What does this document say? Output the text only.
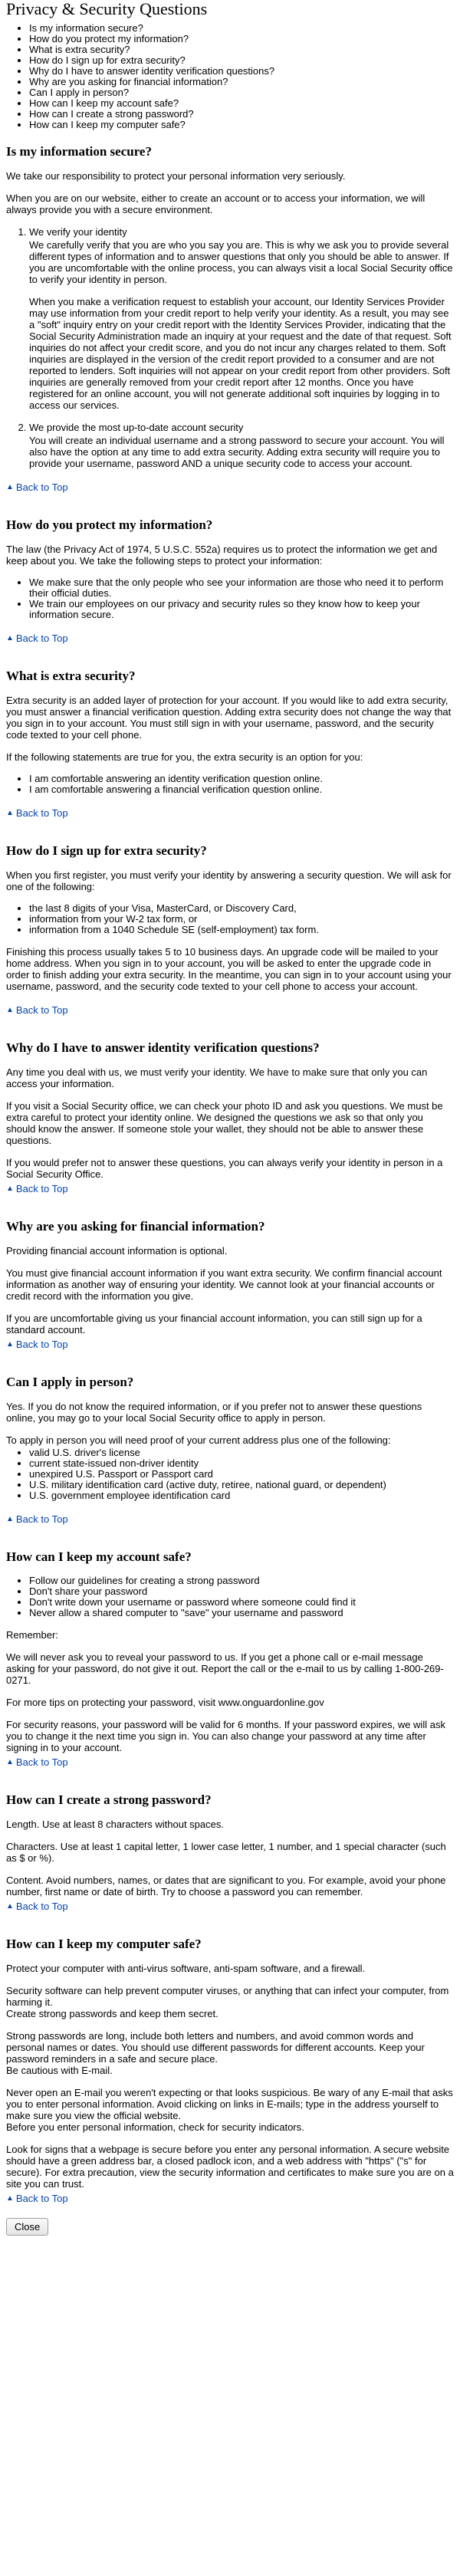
Privacy & Security Questions
• Is my information secure?
• How do you protect my information?
• What is extra security?
• How do I sign up for extra security?
• Why do I have to answer identity verification questions?
• Why are you asking for financial information?
• Can I apply in person?
• How can I keep my account safe?
• How can I create a strong password?
• How can I keep my computer safe?
Is my information secure?

We take our responsibility to protect your personal information very seriously.

When you are on our website, either to create an account or to access your information, we will always provide you with a secure environment.

1. We verify your identity

We carefully verify that you are who you say you are. This is why we ask you to provide several different types of information and to answer questions that only you should be able to answer. If you are uncomfortable with the online process, you can always visit a local Social Security office to verify your identity in person.

When you make a verification request to establish your account, our Identity Services Provider may use information from your credit report to help verify your identity. As a result, you may see a "soft" inquiry entry on your credit report with the Identity Services Provider, indicating that the Social Security Administration made an inquiry at your request and the date of that request. Soft inquiries do not affect your credit score, and you do not incur any charges related to them. Soft inquiries are displayed in the version of the credit report provided to a consumer and are not reported to lenders. Soft inquiries will not appear on your credit report from other providers. Soft inquiries are generally removed from your credit report after 12 months. Once you have registered for an online account, you will not generate additional soft inquiries by logging in to access our services.

2. We provide the most up-to-date account security

You will create an individual username and a strong password to secure your account. You will also have the option at any time to add extra security. Adding extra security will require you to provide your username, password AND a unique security code to access your account.

▲ Back to Top
How do you protect my information?

The law (the Privacy Act of 1974, 5 U.S.C. 552a) requires us to protect the information we get and keep about you. We take the following steps to protect your information:

• We make sure that the only people who see your information are those who need it to perform their official duties.
• We train our employees on our privacy and security rules so they know how to keep your information secure.
▲ Back to Top
What is extra security?

Extra security is an added layer of protection for your account. If you would like to add extra security, you must answer a financial verification question. Adding extra security does not change the way that you sign in to your account. You must still sign in with your username, password, and the security code texted to your cell phone.

If the following statements are true for you, the extra security is an option for you:

• I am comfortable answering an identity verification question online.
• I am comfortable answering a financial verification question online.
▲ Back to Top
How do I sign up for extra security?

When you first register, you must verify your identity by answering a security question. We will ask for one of the following:

• the last 8 digits of your Visa, MasterCard, or Discovery Card,
• information from your W-2 tax form, or
• information from a 1040 Schedule SE (self-employment) tax form.

Finishing this process usually takes 5 to 10 business days. An upgrade code will be mailed to your home address. When you sign in to your account, you will be asked to enter the upgrade code in order to finish adding your extra security. In the meantime, you can sign in to your account using your username, password, and the security code texted to your cell phone to access your account.

▲ Back to Top
Why do I have to answer identity verification questions?

Any time you deal with us, we must verify your identity. We have to make sure that only you can access your information.

If you visit a Social Security office, we can check your photo ID and ask you questions. We must be extra careful to protect your identity online. We designed the questions we ask so that only you should know the answer. If someone stole your wallet, they should not be able to answer these questions.

If you would prefer not to answer these questions, you can always verify your identity in person in a Social Security Office.

▲ Back to Top
Why are you asking for financial information?

Providing financial account information is optional.

You must give financial account information if you want extra security. We confirm financial account information as another way of ensuring your identity. We cannot look at your financial accounts or credit record with the information you give.

If you are uncomfortable giving us your financial account information, you can still sign up for a standard account.

▲ Back to Top
Can I apply in person?

Yes. If you do not know the required information, or if you prefer not to answer these questions online, you may go to your local Social Security office to apply in person.

To apply in person you will need proof of your current address plus one of the following:

• valid U.S. driver's license
• current state-issued non-driver identity
• unexpired U.S. Passport or Passport card
• U.S. military identification card (active duty, retiree, national guard, or dependent)
• U.S. government employee identification card
▲ Back to Top
How can I keep my account safe?
• Follow our guidelines for creating a strong password
• Don't share your password
• Don't write down your username or password where someone could find it
• Never allow a shared computer to "save" your username and password

Remember:

We will never ask you to reveal your password to us. If you get a phone call or e-mail message asking for your password, do not give it out. Report the call or the e-mail to us by calling 1-800-269-0271.

For more tips on protecting your password, visit www.onguardonline.gov

For security reasons, your password will be valid for 6 months. If your password expires, we will ask you to change it the next time you sign in. You can also change your password at any time after signing in to your account.

▲ Back to Top
How can I create a strong password?

Length. Use at least 8 characters without spaces.

Characters. Use at least 1 capital letter, 1 lower case letter, 1 number, and 1 special character (such as $ or %).

Content. Avoid numbers, names, or dates that are significant to you. For example, avoid your phone number, first name or date of birth. Try to choose a password you can remember.

▲ Back to Top
How can I keep my computer safe?

Protect your computer with anti-virus software, anti-spam software, and a firewall.

Security software can help prevent computer viruses, or anything that can infect your computer, from harming it.

Create strong passwords and keep them secret.

Strong passwords are long, include both letters and numbers, and avoid common words and personal names or dates. You should use different passwords for different accounts. Keep your password reminders in a safe and secure place.

Be cautious with E-mail.

Never open an E-mail you weren't expecting or that looks suspicious. Be wary of any E-mail that asks you to enter personal information. Avoid clicking on links in E-mails; type in the address yourself to make sure you view the official website.

Before you enter personal information, check for security indicators.

Look for signs that a webpage is secure before you enter any personal information. A secure website should have a green address bar, a closed padlock icon, and a web address with "https" ("s" for secure). For extra precaution, view the security information and certificates to make sure you are on a site you can trust.

▲ Back to Top
Close
